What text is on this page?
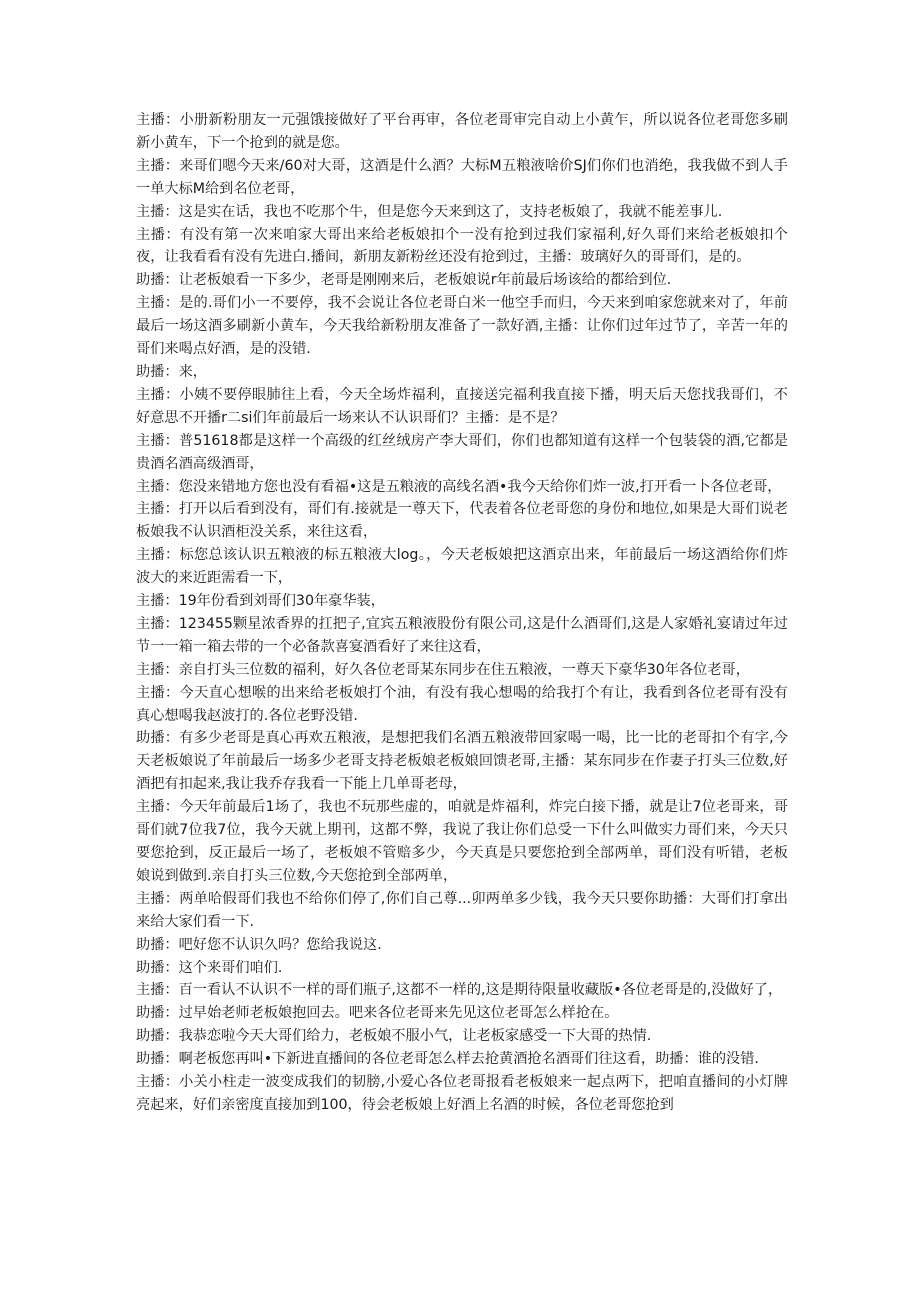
主播：小册新粉朋友一元强饿接做好了平台再审，各位老哥审完自动上小黄乍，所以说各位老哥您多刷新小黄车，下一个抢到的就是您。

主播：来哥们嗯今天来/60对大哥，这酒是什么酒？大标M五粮液啥价SJ们你们也消绝，我我做不到人手一单大标M给到名位老哥，

主播：这是实在话，我也不吃那个牛，但是您今天来到这了，支持老板娘了，我就不能差事儿.

主播：有没有第一次来咱家大哥出来给老板娘扣个一没有抢到过我们家福利,好久哥们来给老板娘扣个夜，让我看看有没有先进白.播间，新朋友新粉丝还没有抢到过，主播：玻璃好久的哥哥们，是的。

助播：让老板娘看一下多少，老哥是刚刚来后，老板娘说r年前最后场该给的都给到位.

主播：是的.哥们小一不要停，我不会说让各位老哥白米一他空手而归，今天来到咱家您就来对了，年前最后一场这酒多刷新小黄车，今天我给新粉朋友准备了一款好酒,主播：让你们过年过节了，辛苦一年的哥们来喝点好酒，是的没错.

助播：来，

主播：小姨不要停眼肺往上看，今天全场炸福利，直接送完福利我直接下播，明天后天您找我哥们，不好意思不开播r二si们年前最后一场来认不认识哥们？主播：是不是？

主播：普51618都是这样一个高级的红丝绒房产李大哥们，你们也都知道有这样一个包装袋的酒,它都是贵酒名酒高级酒哥，

主播：您没来错地方您也没有看福•这是五粮液的高线名酒•我今天给你们炸一波,打开看一卜各位老哥，

主播：打开以后看到没有，哥们有.接就是一尊天下，代表着各位老哥您的身份和地位,如果是大哥们说老板娘我不认识酒柜没关系，来往这看，

主播：标您总该认识五粮液的标五粮液大log。，今天老板娘把这酒京出来，年前最后一场这酒给你们炸波大的来近距需看一下，

主播：19年份看到刘哥们30年豪华装，

主播：123455颗星浓香界的扛把子,宜宾五粮液股份有限公司,这是什么酒哥们,这是人家婚礼宴请过年过节一一箱一箱去带的一个必备款喜宴酒看好了来往这看，

主播：亲自打头三位数的福利，好久各位老哥某东同步在住五粮液，一尊天下豪华30年各位老哥，

主播：今天直心想喉的出来给老板娘打个油，有没有我心想喝的给我打个有让，我看到各位老哥有没有真心想喝我赵波打的.各位老野没错.

助播：有多少老哥是真心再欢五粮液，是想把我们名酒五粮液带回家喝一喝，比一比的老哥扣个有字,今天老板娘说了年前最后一场多少老哥支持老板娘老板娘回馈老哥,主播：某东同步在作妻子打头三位数,好酒把有扣起来,我让我乔存我看一下能上几单哥老母，

主播：今天年前最后1场了，我也不玩那些虚的，咱就是炸福利，炸完白接下播，就是让7位老哥来，哥哥们就7位我7位，我今天就上期刊，这都不弊，我说了我让你们总受一下什么叫做实力哥们来，今天只要您抢到，反正最后一场了，老板娘不管赔多少，今天真是只要您抢到全部两单，哥们没有听错，老板娘说到做到.亲自打头三位数,今天您抢到全部两单，

主播：两单哈假哥们我也不给你们停了,你们自己尊...卯两单多少钱，我今天只要你助播：大哥们打拿出来给大家们看一下.

助播：吧好您不认识久吗？您给我说这.

助播：这个来哥们咱们.

主播：百一看认不认识不一样的哥们瓶子,这都不一样的,这是期待限量收藏版•各位老哥是的,没做好了，

助播：过早始老师老板娘抱回去。吧来各位老哥来先见这位老哥怎么样抢在。

助播：我恭恋啦今天大哥们给力，老板娘不服小气，让老板家感受一下大哥的热情.

助播：啊老板您再叫•下新进直播间的各位老哥怎么样去抢黄酒抢名酒哥们往这看，助播：谁的没错.

主播：小关小柱走一波变成我们的韧膀,小爱心各位老哥报看老板娘来一起点两下，把咱直播间的小灯牌亮起来，好们亲密度直接加到100，待会老板娘上好酒上名酒的时候，各位老哥您抢到
